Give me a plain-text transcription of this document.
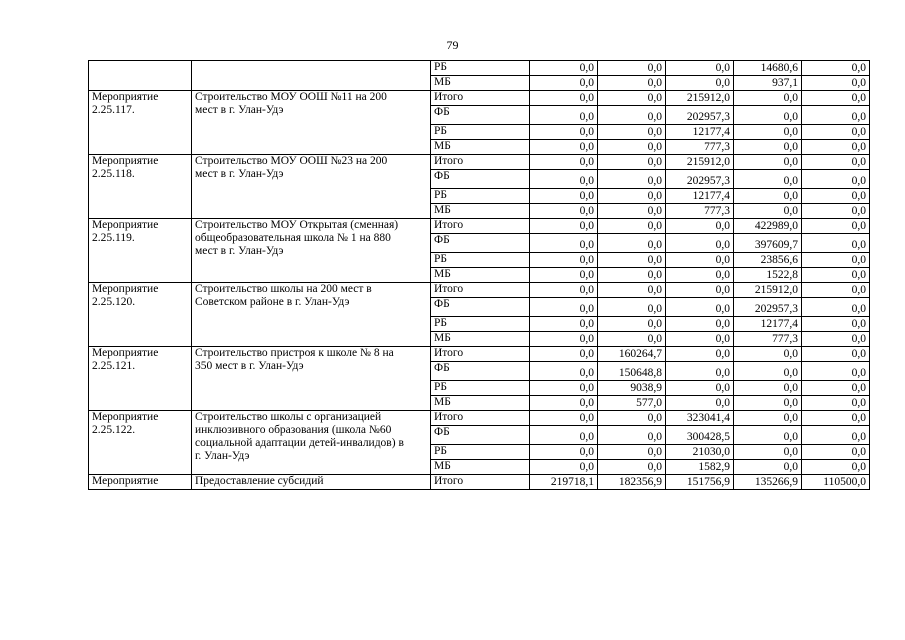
79
		РБ	0,0	0,0	0,0	14680,6	0,0
		МБ	0,0	0,0	0,0	937,1	0,0
Мероприятие 2.25.117.	Строительство МОУ ООШ №11 на 200 мест в г. Улан-Удэ	Итого	0,0	0,0	215912,0	0,0	0,0
		ФБ	0,0	0,0	202957,3	0,0	0,0
		РБ	0,0	0,0	12177,4	0,0	0,0
		МБ	0,0	0,0	777,3	0,0	0,0
Мероприятие 2.25.118.	Строительство МОУ ООШ №23 на 200 мест в г. Улан-Удэ	Итого	0,0	0,0	215912,0	0,0	0,0
		ФБ	0,0	0,0	202957,3	0,0	0,0
		РБ	0,0	0,0	12177,4	0,0	0,0
		МБ	0,0	0,0	777,3	0,0	0,0
Мероприятие 2.25.119.	Строительство МОУ Открытая (сменная) общеобразовательная школа № 1 на 880 мест в г. Улан-Удэ	Итого	0,0	0,0	0,0	422989,0	0,0
		ФБ	0,0	0,0	0,0	397609,7	0,0
		РБ	0,0	0,0	0,0	23856,6	0,0
		МБ	0,0	0,0	0,0	1522,8	0,0
Мероприятие 2.25.120.	Строительство школы на 200 мест в Советском районе в г. Улан-Удэ	Итого	0,0	0,0	0,0	215912,0	0,0
		ФБ	0,0	0,0	0,0	202957,3	0,0
		РБ	0,0	0,0	0,0	12177,4	0,0
		МБ	0,0	0,0	0,0	777,3	0,0
Мероприятие 2.25.121.	Строительство пристроя к школе № 8 на 350 мест в г. Улан-Удэ	Итого	0,0	160264,7	0,0	0,0	0,0
		ФБ	0,0	150648,8	0,0	0,0	0,0
		РБ	0,0	9038,9	0,0	0,0	0,0
		МБ	0,0	577,0	0,0	0,0	0,0
Мероприятие 2.25.122.	Строительство школы с организацией инклюзивного образования (школа №60 социальной адаптации детей-инвалидов) в г. Улан-Удэ	Итого	0,0	0,0	323041,4	0,0	0,0
		ФБ	0,0	0,0	300428,5	0,0	0,0
		РБ	0,0	0,0	21030,0	0,0	0,0
		МБ	0,0	0,0	1582,9	0,0	0,0
Мероприятие	Предоставление субсидий	Итого	219718,1	182356,9	151756,9	135266,9	110500,0
